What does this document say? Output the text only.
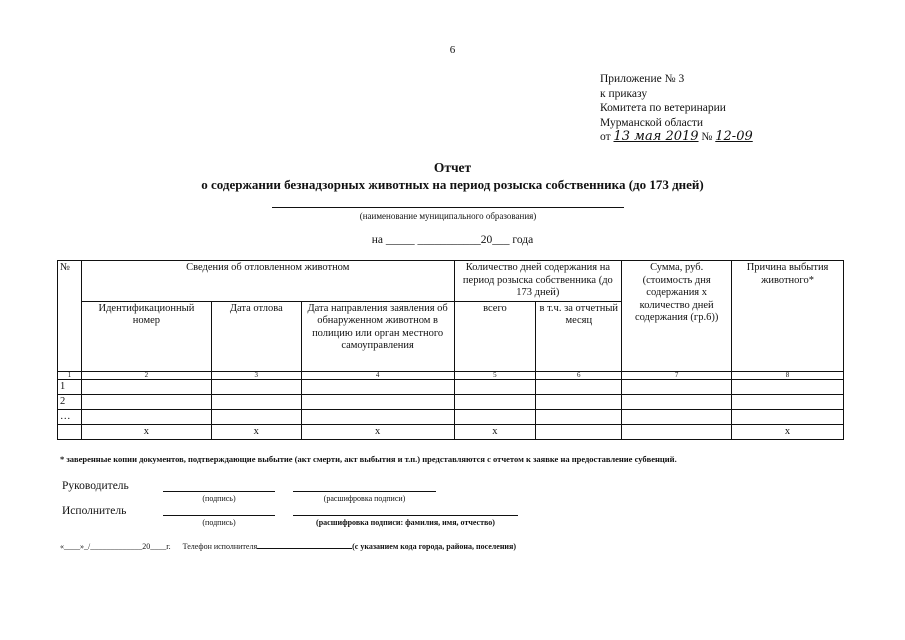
6
Приложение № 3
к приказу
Комитета по ветеринарии
Мурманской области
от 13 мая 2019 № 12-09
Отчет
о содержании безнадзорных животных на период розыска собственника (до 173 дней)
(наименование муниципального образования)
на _____ ___________20___ года
№	Сведения об отловленном животном			Количество дней содержания на период розыска собственника (до 173 дней)		Сумма, руб. (стоимость дня содержания х количество дней содержания (гр.6))	Причина выбытия животного*
	Идентификационный номер	Дата отлова	Дата направления заявления об обнаруженном животном в полицию или орган местного самоуправления	всего	в т.ч. за отчетный месяц		
1	2	3	4	5	6	7	8
1							
2							
…							
	х	х	х	х			х
* заверенные копии документов, подтверждающие выбытие (акт смерти, акт выбытия и т.п.) представляются с отчетом к заявке на предоставление субвенций.
Руководитель
(подпись)	(расшифровка подписи)
Исполнитель
(подпись)	(расшифровка подписи: фамилия, имя, отчество)
«____»_/_____________20____г. Телефон исполнителя	(с указанием кода города, района, поселения)
